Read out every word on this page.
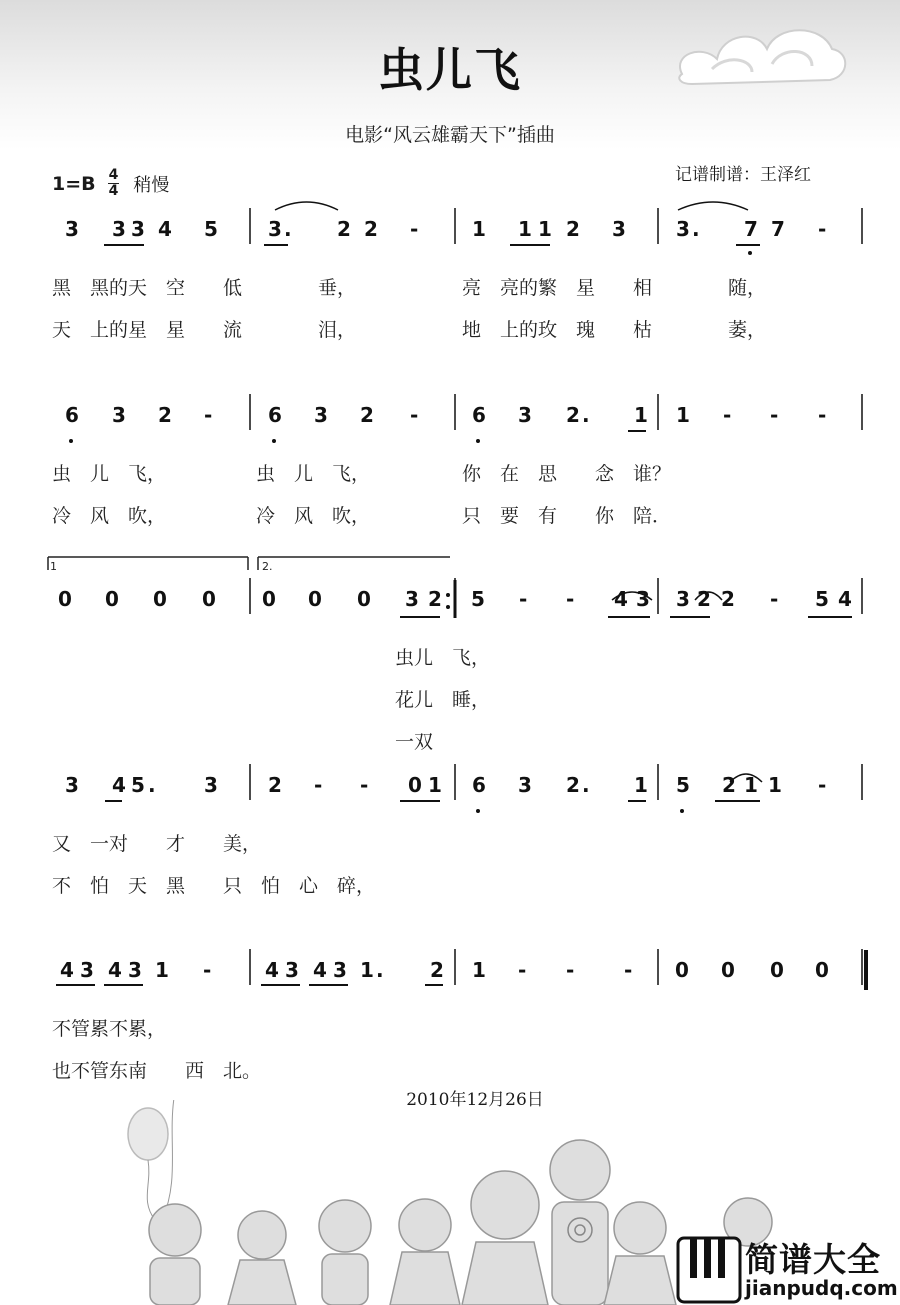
虫儿飞
电影“风云雄霸天下”插曲
1=B 4
4 稍慢	记谱制谱：王泽红
3 3 3 4 5	3 . 2 2 -	1 1 1 2 3	3 . 7 7 -
黑　黑的天　空　　低　　　　垂，
天　上的星　星　　流　　　　泪，
亮　亮的繁　星　　相　　　　随，
地　上的玫　瑰　　枯　　　　萎，
6 3 2 -	6 3 2 -	6 3 2 . 1 1 - - -
虫　儿　飞，
冷　风　吹，
虫　儿　飞，
冷　风　吹，
你　在　思　　念　谁？
只　要　有　　你　陪．
0 0 0 0 0 0 0 3 2 5 - - 4 3 3 2 2 - 5 4
虫儿　飞，
花儿　睡，
一双
3 4 5 . 3	2 - - 0 1 6 3 2 . 1 5 2 1 1 -
又　一对　　才　　美，
不　怕　天　黑　　只　怕　心　碎，
4 3 4 3 1 -	4 3 4 3 1 . 2 1 - - - 0 0 0 0
不管累不累，
也不管东南　　西　北。
1	2.
2010年12月26日
简谱大全
jianpudq.com
